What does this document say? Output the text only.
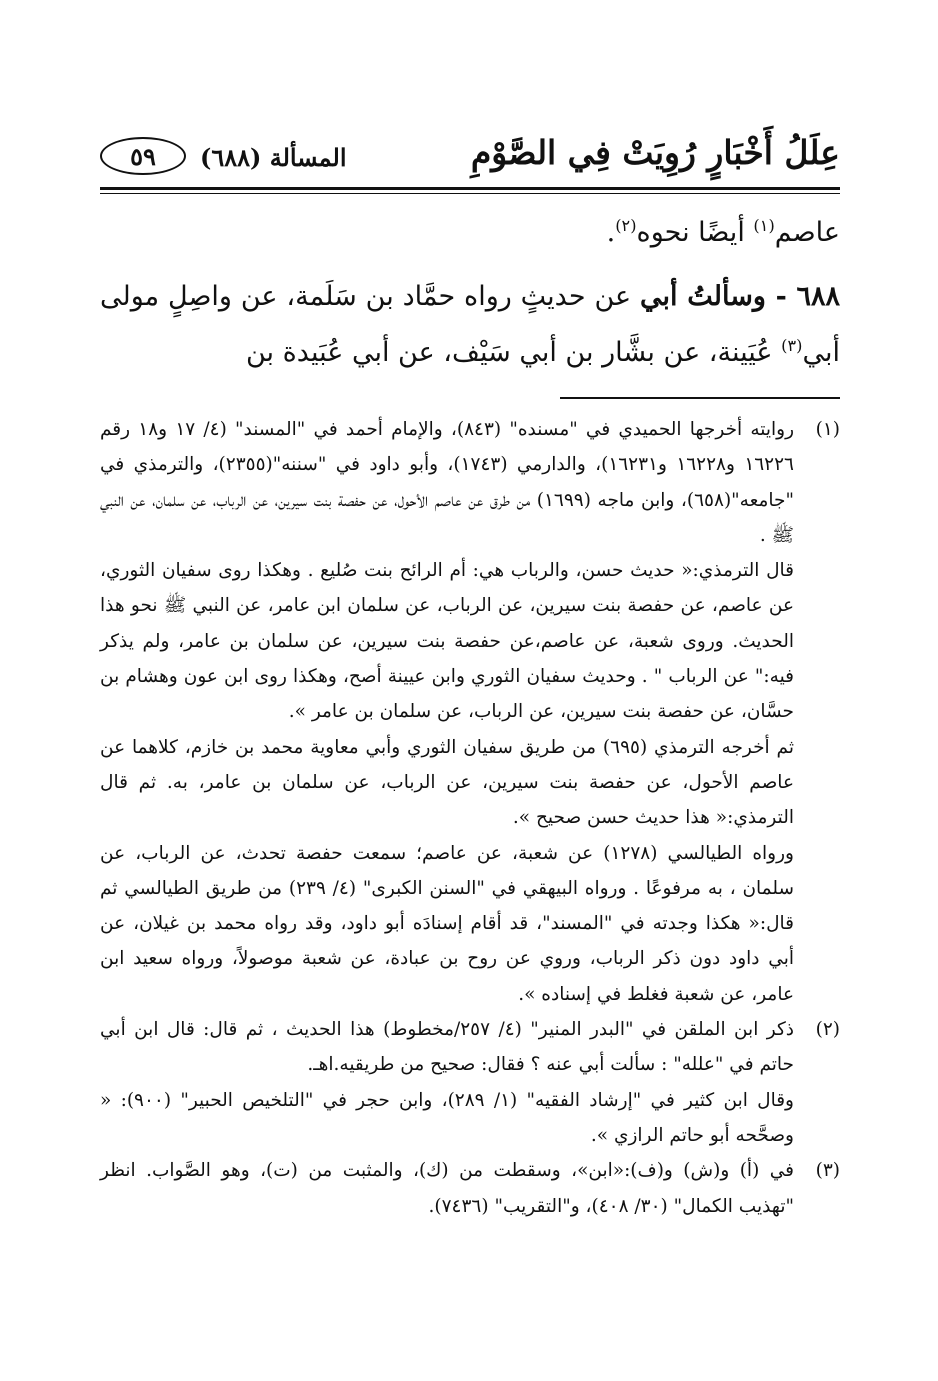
عِلَلُ أَخْبَارٍ رُوِيَتْ فِي الصَّوْمِ
المسألة (٦٨٨)
٥٩

عاصم$^{(١)}$ أيضًا نحوه$^{(٢)}$.

٦٨٨ - وسألتُ أبي عن حديثٍ رواه حمَّاد بن سَلَمة، عن واصِلٍ مولى أبي$^{(٣)}$ عُيَينة، عن بشَّار بن أبي سَيْف، عن أبي عُبَيدة بن

(١)

روايته أخرجها الحميدي في "مسنده" (٨٤٣)، والإمام أحمد في "المسند" (٤/ ١٧ و١٨ رقم ١٦٢٢٦ و١٦٢٢٨ و١٦٢٣١)، والدارمي (١٧٤٣)، وأبو داود في "سننه"(٢٣٥٥)، والترمذي في "جامعه"(٦٥٨)، وابن ماجه (١٦٩٩) من طرق عن عاصم الأحول، عن حفصة بنت سيرين، عن الرباب، عن سلمان، عن النبي ﷺ .

قال الترمذي:« حديث حسن، والرباب هي: أم الرائح بنت صُليع . وهكذا روى سفيان الثوري، عن عاصم، عن حفصة بنت سيرين، عن الرباب، عن سلمان ابن عامر، عن النبي ﷺ نحو هذا الحديث. وروى شعبة، عن عاصم،عن حفصة بنت سيرين، عن سلمان بن عامر، ولم يذكر فيه:" عن الرباب " . وحديث سفيان الثوري وابن عيينة أصح، وهكذا روى ابن عون وهشام بن حسَّان، عن حفصة بنت سيرين، عن الرباب، عن سلمان بن عامر ».

ثم أخرجه الترمذي (٦٩٥) من طريق سفيان الثوري وأبي معاوية محمد بن خازم، كلاهما عن عاصم الأحول، عن حفصة بنت سيرين، عن الرباب، عن سلمان بن عامر، به. ثم قال الترمذي:« هذا حديث حسن صحيح ».

ورواه الطيالسي (١٢٧٨) عن شعبة، عن عاصم؛ سمعت حفصة تحدث، عن الرباب، عن سلمان ، به مرفوعًا . ورواه البيهقي في "السنن الكبرى" (٤/ ٢٣٩) من طريق الطيالسي ثم قال:« هكذا وجدته في "المسند"، قد أقام إسنادَه أبو داود، وقد رواه محمد بن غيلان، عن أبي داود دون ذكر الرباب، وروي عن روح بن عبادة، عن شعبة موصولاً، ورواه سعيد ابن عامر، عن شعبة فغلط في إسناده ».

(٢)

ذكر ابن الملقن في "البدر المنير" (٤/ ٢٥٧/مخطوط) هذا الحديث ، ثم قال: قال ابن أبي حاتم في "علله" : سألت أبي عنه ؟ فقال: صحيح من طريقيه.اهـ.

وقال ابن كثير في "إرشاد الفقيه" (١/ ٢٨٩)، وابن حجر في "التلخيص الحبير" (٩٠٠): « وصحَّحه أبو حاتم الرازي ».

(٣)

في (أ) و(ش) و(ف):«ابن»، وسقطت من (ك)، والمثبت من (ت)، وهو الصَّواب. انظر "تهذيب الكمال" (٣٠/ ٤٠٨)، و"التقريب" (٧٤٣٦).
